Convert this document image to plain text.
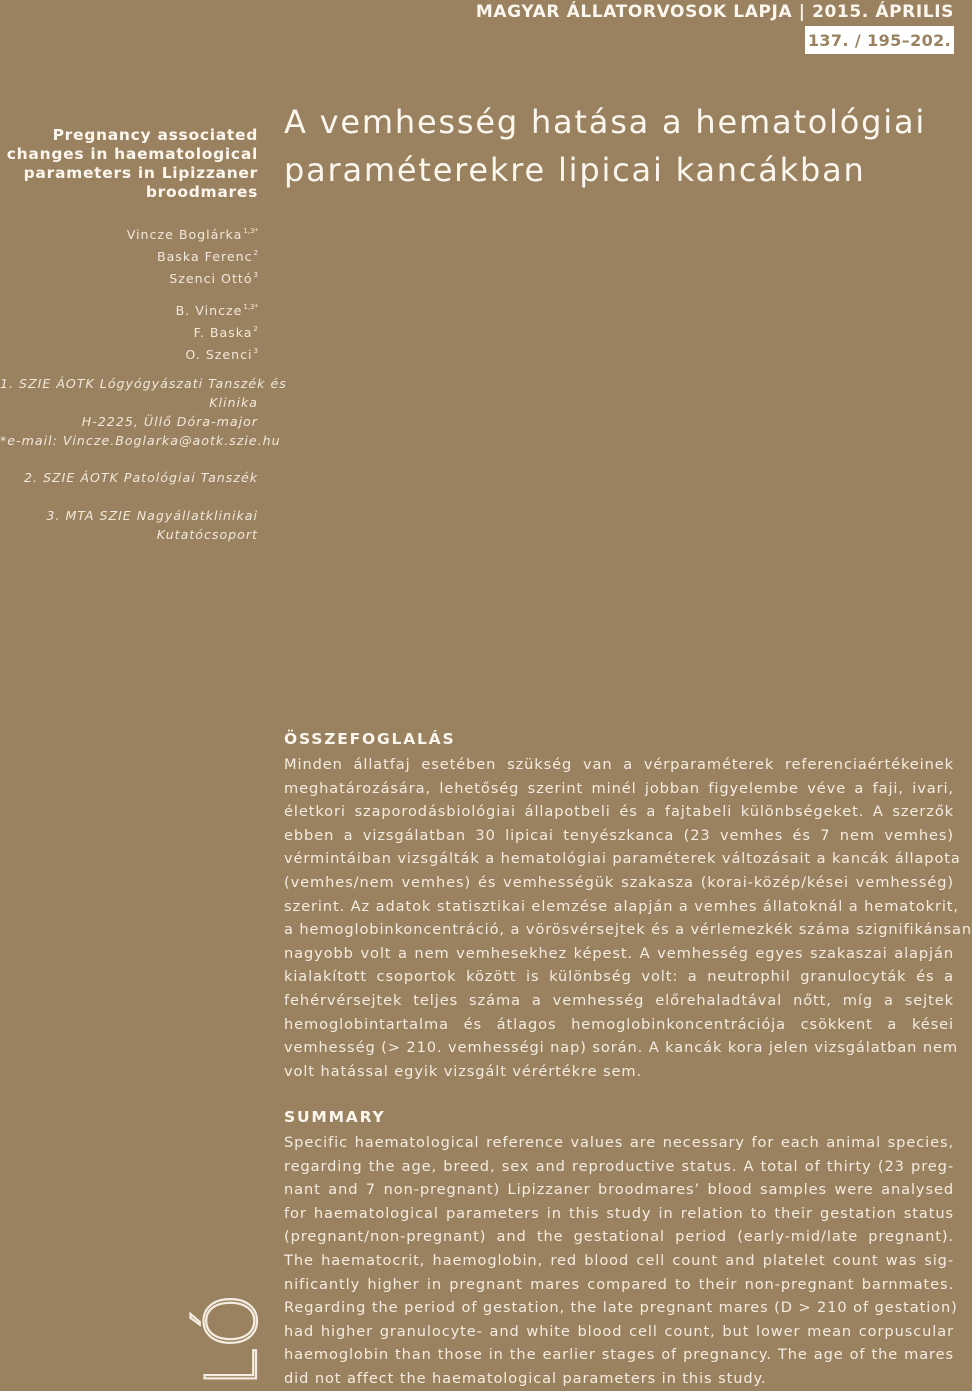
MAGYAR ÁLLATORVOSOK LAPJA | 2015. ÁPRILIS
137. / 195–202.
Pregnancy associated
changes in haematological
parameters in Lipizzaner
broodmares
A vemhesség hatása a hematológiai
paraméterekre lipicai kancákban
Vincze Boglárka$^{1,3*}$
Baska Ferenc$^2$
Szenci Ottó$^3$
B. Vincze$^{1,3*}$
F. Baska$^2$
O. Szenci$^3$
1. SZIE ÁOTK Lógyógyászati Tanszék és
Klinika
H-2225, Üllő Dóra-major
*e-mail: Vincze.Boglarka@aotk.szie.hu
2. SZIE ÁOTK Patológiai Tanszék
3. MTA SZIE Nagyállatklinikai
Kutatócsoport
ÖSSZEFOGLALÁS
Minden állatfaj esetében szükség van a vérparaméterek referenciaértékeinek
meghatározására, lehetőség szerint minél jobban figyelembe véve a faji, ivari,
életkori szaporodásbiológiai állapotbeli és a fajtabeli különbségeket. A szerzők
ebben a vizsgálatban 30 lipicai tenyészkanca (23 vemhes és 7 nem vemhes)
vérmintáiban vizsgálták a hematológiai paraméterek változásait a kancák állapota
(vemhes/nem vemhes) és vemhességük szakasza (korai-közép/kései vemhesség)
szerint. Az adatok statisztikai elemzése alapján a vemhes állatoknál a hematokrit,
a hemoglobinkoncentráció, a vörösvérsejtek és a vérlemezkék száma szignifikánsan
nagyobb volt a nem vemhesekhez képest. A vemhesség egyes szakaszai alapján
kialakított csoportok között is különbség volt: a neutrophil granulocyták és a
fehérvérsejtek teljes száma a vemhesség előrehaladtával nőtt, míg a sejtek
hemoglobintartalma és átlagos hemoglobinkoncentrációja csökkent a kései
vemhesség (> 210. vemhességi nap) során. A kancák kora jelen vizsgálatban nem
volt hatással egyik vizsgált vérértékre sem.
SUMMARY
Specific haematological reference values are necessary for each animal species,
regarding the age, breed, sex and reproductive status. A total of thirty (23 preg-
nant and 7 non-pregnant) Lipizzaner broodmares’ blood samples were analysed
for haematological parameters in this study in relation to their gestation status
(pregnant/non-pregnant) and the gestational period (early-mid/late pregnant).
The haematocrit, haemoglobin, red blood cell count and platelet count was sig-
nificantly higher in pregnant mares compared to their non-pregnant barnmates.
Regarding the period of gestation, the late pregnant mares (D > 210 of gestation)
had higher granulocyte- and white blood cell count, but lower mean corpuscular
haemoglobin than those in the earlier stages of pregnancy. The age of the mares
did not affect the haematological parameters in this study.
LÓ
